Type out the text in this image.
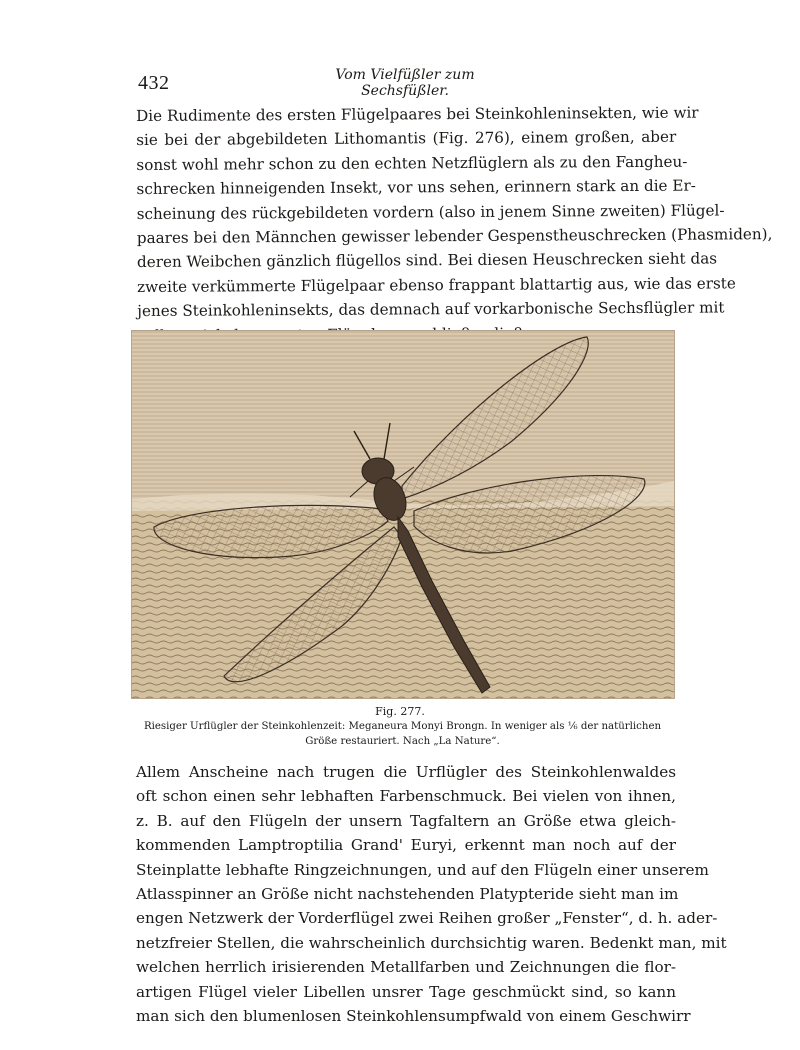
432	Vom Vielfüßler zum Sechsfüßler.
Die Rudimente des ersten Flügelpaares bei Steinkohleninsekten, wie wir
sie bei der abgebildeten Lithomantis (Fig. 276), einem großen, aber
sonst wohl mehr schon zu den echten Netzflüglern als zu den Fangheu-
schrecken hinneigenden Insekt, vor uns sehen, erinnern stark an die Er-
scheinung des rückgebildeten vordern (also in jenem Sinne zweiten) Flügel-
paares bei den Männchen gewisser lebender Gespenstheuschrecken (Phasmiden),
deren Weibchen gänzlich flügellos sind. Bei diesen Heuschrecken sieht das
zweite verkümmerte Flügelpaar ebenso frappant blattartig aus, wie das erste
jenes Steinkohleninsekts, das demnach auf vorkarbonische Sechsflügler mit
Fig. 277.
Riesiger Urflügler der Steinkohlenzeit: Meganeura Monyi Brongn. In weniger als ⅙ der natürlichen
Größe restauriert. Nach „La Nature“.
Allem Anscheine nach trugen die Urflügler des Steinkohlenwaldes
oft schon einen sehr lebhaften Farbenschmuck. Bei vielen von ihnen,
z. B. auf den Flügeln der unsern Tagfaltern an Größe etwa gleich-
kommenden Lamptroptilia Grand' Euryi, erkennt man noch auf der
Steinplatte lebhafte Ringzeichnungen, und auf den Flügeln einer unserem
Atlasspinner an Größe nicht nachstehenden Platypteride sieht man im
engen Netzwerk der Vorderflügel zwei Reihen großer „Fenster“, d. h. ader-
netzfreier Stellen, die wahrscheinlich durchsichtig waren. Bedenkt man, mit
welchen herrlich irisierenden Metallfarben und Zeichnungen die flor-
artigen Flügel vieler Libellen unsrer Tage geschmückt sind, so kann
man sich den blumenlosen Steinkohlensumpfwald von einem Geschwirr
